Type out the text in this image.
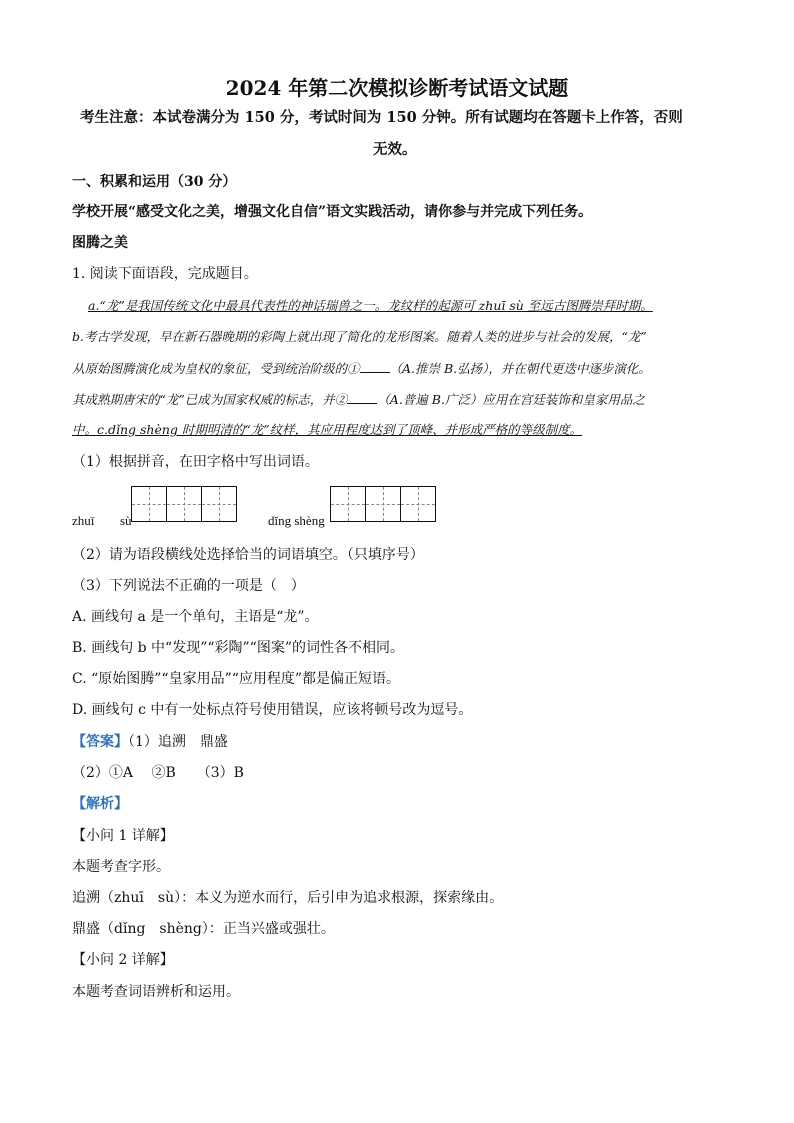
2024 年第二次模拟诊断考试语文试题
考生注意：本试卷满分为 150 分，考试时间为 150 分钟。所有试题均在答题卡上作答，否则
无效。
一、积累和运用（30 分）
学校开展“感受文化之美，增强文化自信”语文实践活动，请你参与并完成下列任务。
图腾之美
1. 阅读下面语段，完成题目。
a.“龙”是我国传统文化中最具代表性的神话瑞兽之一。龙纹样的起源可 zhuī sù 至远古图腾崇拜时期。
b.考古学发现，早在新石器晚期的彩陶上就出现了简化的龙形图案。随着人类的进步与社会的发展，“龙”
从原始图腾演化成为皇权的象征，受到统治阶级的① （A.推崇 B.弘扬），并在朝代更迭中逐步演化。
其成熟期唐宋的“龙”已成为国家权威的标志，并② （A.普遍 B.广泛）应用在宫廷装饰和皇家用品之
中。c.dǐng shèng 时期明清的“龙”纹样，其应用程度达到了顶峰、并形成严格的等级制度。
（1）根据拼音，在田字格中写出词语。
zhuī sù	dǐng shèng
（2）请为语段横线处选择恰当的词语填空。（只填序号）
（3）下列说法不正确的一项是（　）
A. 画线句 a 是一个单句，主语是“龙”。
B. 画线句 b 中“发现”“彩陶”“图案”的词性各不相同。
C. “原始图腾”“皇家用品”“应用程度”都是偏正短语。
D. 画线句 c 中有一处标点符号使用错误，应该将顿号改为逗号。
【答案】（1）追溯　鼎盛
（2）①A　 ②B　　（3）B
【解析】
【小问 1 详解】
本题考查字形。
追溯（zhuī　sù）：本义为逆水而行，后引申为追求根源，探索缘由。
鼎盛（dǐng　shèng）：正当兴盛或强壮。
【小问 2 详解】
本题考查词语辨析和运用。
